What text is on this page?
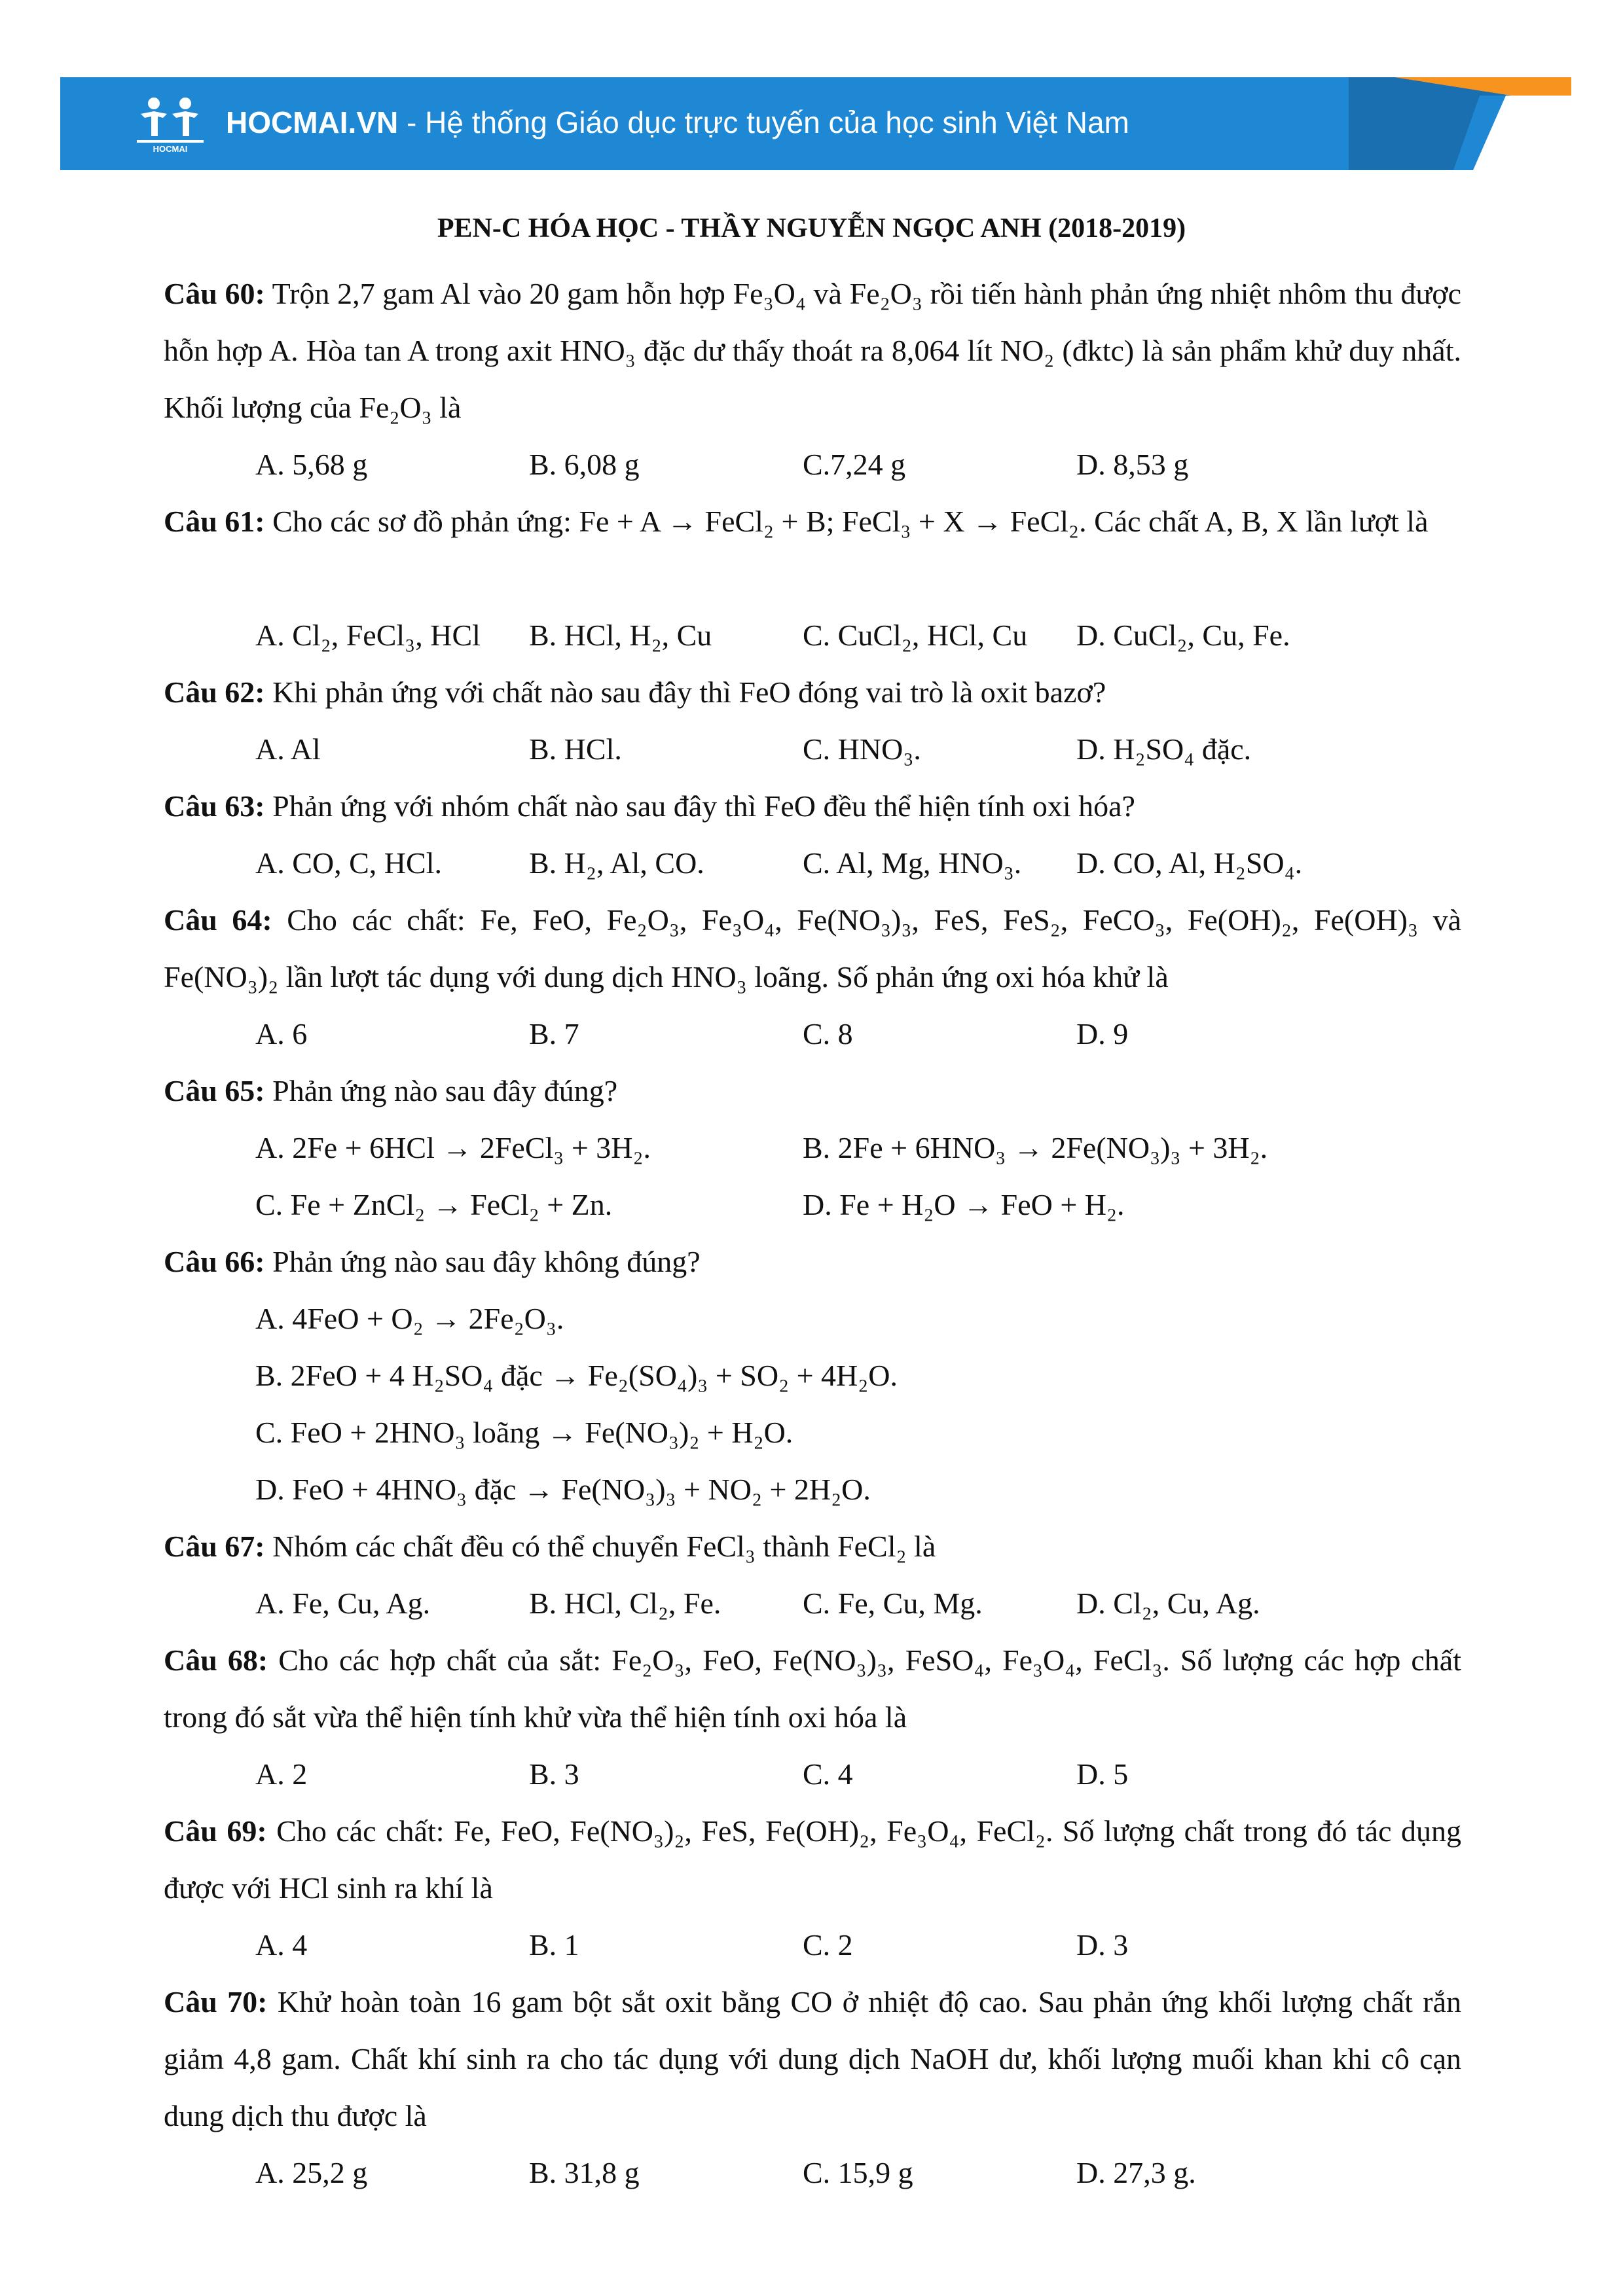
HOCMAI
HOCMAI.VN - Hệ thống Giáo dục trực tuyến của học sinh Việt Nam
PEN-C HÓA HỌC - THẦY NGUYỄN NGỌC ANH (2018-2019)
Câu 60: Trộn 2,7 gam Al vào 20 gam hỗn hợp Fe₃O₄ và Fe₂O₃ rồi tiến hành phản ứng nhiệt nhôm thu được hỗn hợp A. Hòa tan A trong axit HNO₃ đặc dư thấy thoát ra 8,064 lít NO₂ (đktc) là sản phẩm khử duy nhất. Khối lượng của Fe₂O₃ là
A. 5,68 g	B. 6,08 g	C.7,24 g	D. 8,53 g
Câu 61: Cho các sơ đồ phản ứng: Fe + A → FeCl₂ + B; FeCl₃ + X → FeCl₂. Các chất A, B, X lần lượt là
A. Cl₂, FeCl₃, HCl B. HCl, H₂, Cu	C. CuCl₂, HCl, Cu D. CuCl₂, Cu, Fe.
Câu 62: Khi phản ứng với chất nào sau đây thì FeO đóng vai trò là oxit bazơ?
A. Al	B. HCl.	C. HNO₃.	D. H₂SO₄ đặc.
Câu 63: Phản ứng với nhóm chất nào sau đây thì FeO đều thể hiện tính oxi hóa?
A. CO, C, HCl.	B. H₂, Al, CO.	C. Al, Mg, HNO₃. D. CO, Al, H₂SO₄.
Câu 64: Cho các chất: Fe, FeO, Fe₂O₃, Fe₃O₄, Fe(NO₃)₃, FeS, FeS₂, FeCO₃, Fe(OH)₂, Fe(OH)₃ và Fe(NO₃)₂ lần lượt tác dụng với dung dịch HNO₃ loãng. Số phản ứng oxi hóa khử là
A. 6	B. 7	C. 8	D. 9
Câu 65: Phản ứng nào sau đây đúng?
A. 2Fe + 6HCl → 2FeCl₃ + 3H₂.	B. 2Fe + 6HNO₃ → 2Fe(NO₃)₃ + 3H₂.
C. Fe + ZnCl₂ → FeCl₂ + Zn.	D. Fe + H₂O → FeO + H₂.
Câu 66: Phản ứng nào sau đây không đúng?
A. 4FeO + O₂ → 2Fe₂O₃.
B. 2FeO + 4 H₂SO₄ đặc → Fe₂(SO₄)₃ + SO₂ + 4H₂O.
C. FeO + 2HNO₃ loãng → Fe(NO₃)₂ + H₂O.
D. FeO + 4HNO₃ đặc → Fe(NO₃)₃ + NO₂ + 2H₂O.
Câu 67: Nhóm các chất đều có thể chuyển FeCl₃ thành FeCl₂ là
A. Fe, Cu, Ag.	B. HCl, Cl₂, Fe.	C. Fe, Cu, Mg.	D. Cl₂, Cu, Ag.
Câu 68: Cho các hợp chất của sắt: Fe₂O₃, FeO, Fe(NO₃)₃, FeSO₄, Fe₃O₄, FeCl₃. Số lượng các hợp chất trong đó sắt vừa thể hiện tính khử vừa thể hiện tính oxi hóa là
A. 2	B. 3	C. 4	D. 5
Câu 69: Cho các chất: Fe, FeO, Fe(NO₃)₂, FeS, Fe(OH)₂, Fe₃O₄, FeCl₂. Số lượng chất trong đó tác dụng được với HCl sinh ra khí là
A. 4	B. 1	C. 2	D. 3
Câu 70: Khử hoàn toàn 16 gam bột sắt oxit bằng CO ở nhiệt độ cao. Sau phản ứng khối lượng chất rắn giảm 4,8 gam. Chất khí sinh ra cho tác dụng với dung dịch NaOH dư, khối lượng muối khan khi cô cạn dung dịch thu được là
A. 25,2 g	B. 31,8 g	C. 15,9 g	D. 27,3 g.
